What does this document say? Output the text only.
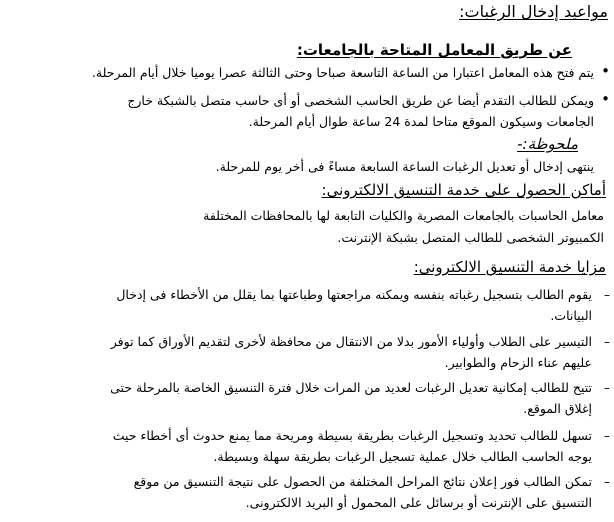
مواعيد إدخال الرغبات:
عن طريق المعامل المتاحة بالجامعات:
•
يتم فتح هذه المعامل اعتبارا من الساعة التاسعة صباحا وحتى الثالثة عصرا يوميا خلال أيام المرحلة.
•
ويمكن للطالب التقدم أيضا عن طريق الحاسب الشخصى أو أى حاسب متصل بالشبكة خارج
الجامعات وسيكون الموقع متاحا لمدة 24 ساعة طوال أيام المرحلة.
ملحوظة:-
ينتهى إدخال أو تعديل الرغبات الساعة السابعة مساءً فى أخر يوم للمرحلة.
أماكن الحصول على خدمة التنسيق الالكترونى:
معامل الحاسبات بالجامعات المصرية والكليات التابعة لها بالمحافظات المختلفة
الكمبيوتر الشخصى للطالب المتصل بشبكة الإنترنت.
مزايا خدمة التنسيق الالكترونى:
–
يقوم الطالب بتسجيل رغباته بنفسه ويمكنه مراجعتها وطباعتها بما يقلل من الأخطاء فى إدخال
البيانات.
–
التيسير على الطلاب وأولياء الأمور بدلا من الانتقال من محافظة لأخرى لتقديم الأوراق كما توفر
عليهم عناء الزحام والطوابير.
–
تتيح للطالب إمكانية تعديل الرغبات لعديد من المرات خلال فترة التنسيق الخاصة بالمرحلة حتى
إغلاق الموقع.
–
تسهل للطالب تحديد وتسجيل الرغبات بطريقة بسيطة ومريحة مما يمنع حدوث أى أخطاء حيث
يوجه الحاسب الطالب خلال عملية تسجيل الرغبات بطريقة سهلة وبسيطة.
–
تمكن الطالب فور إعلان نتائج المراحل المختلفة من الحصول على نتيجة التنسيق من موقع
التنسيق على الإنترنت أو برسائل على المحمول أو البريد الالكترونى.
